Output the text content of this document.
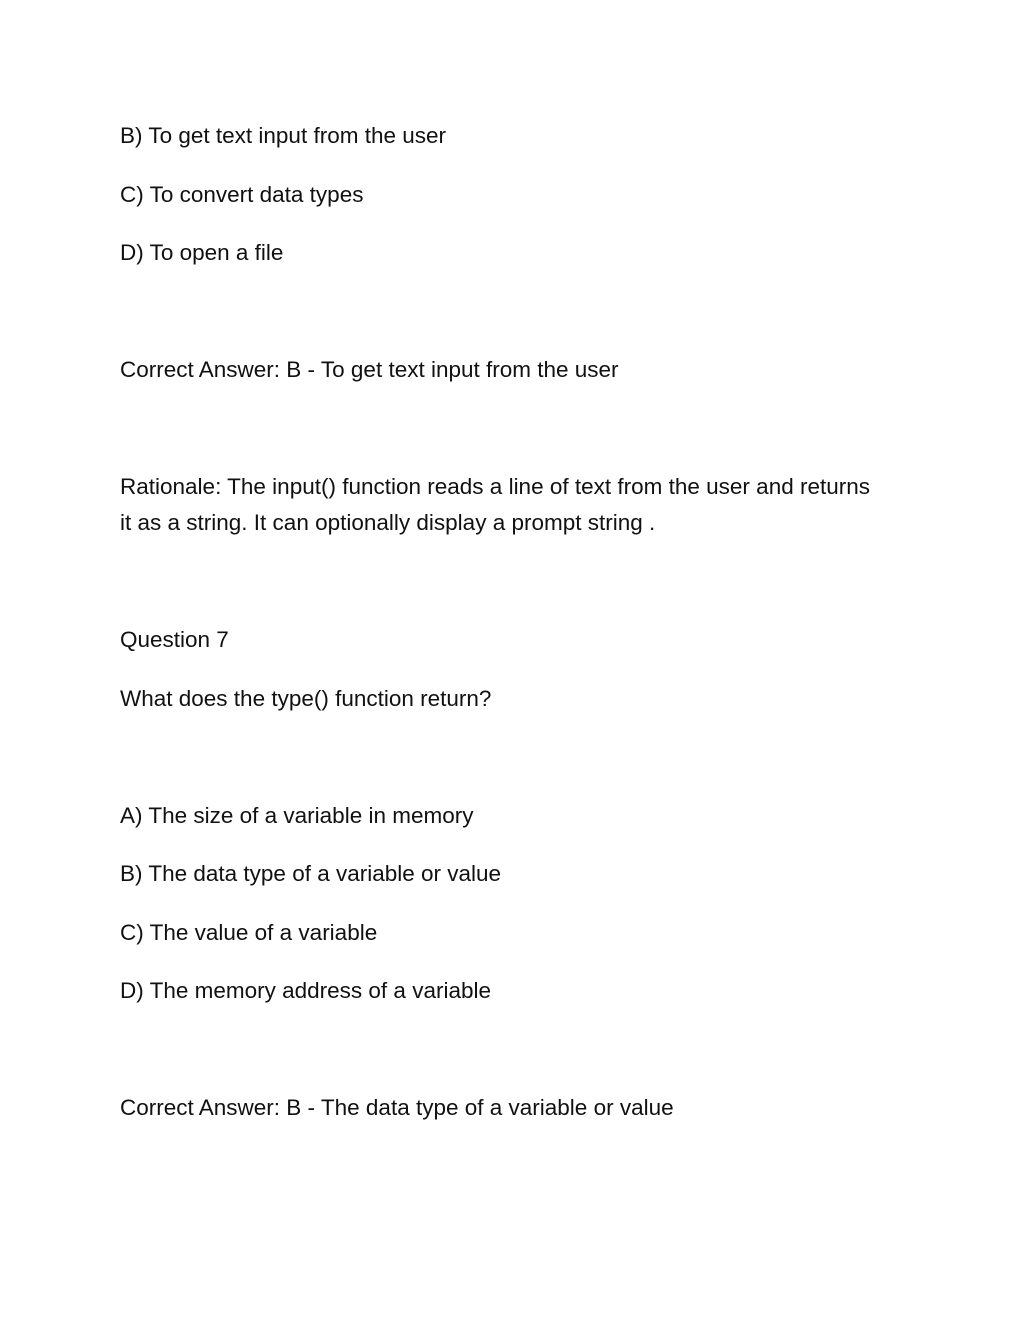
B) To get text input from the user

C) To convert data types

D) To open a file

Correct Answer: B - To get text input from the user

Rationale: The input() function reads a line of text from the user and returns it as a string. It can optionally display a prompt string .

Question 7

What does the type() function return?

A) The size of a variable in memory

B) The data type of a variable or value

C) The value of a variable

D) The memory address of a variable

Correct Answer: B - The data type of a variable or value
